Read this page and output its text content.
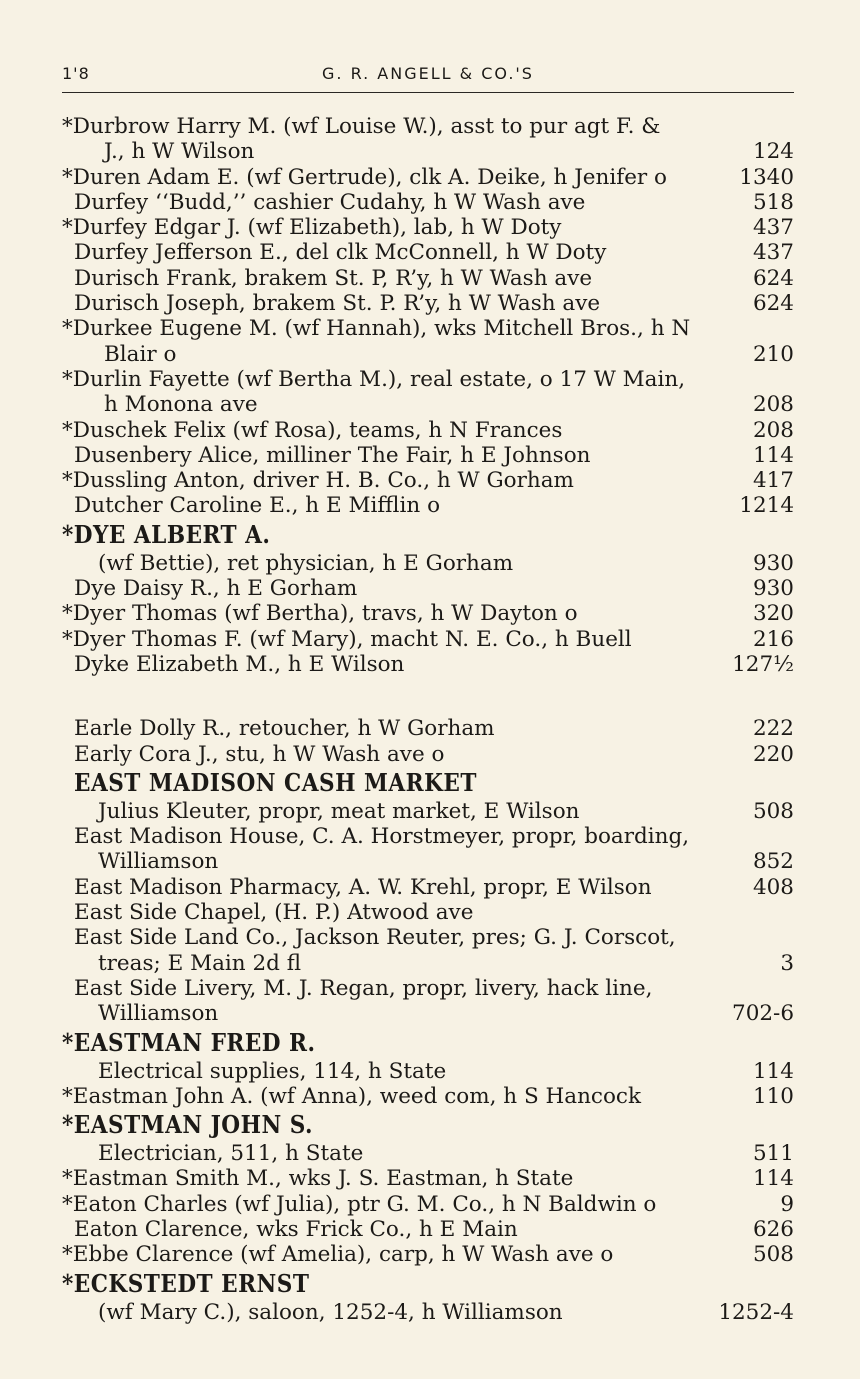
1'8	G. R. ANGELL & CO.'S
*Durbrow Harry M. (wf Louise W.), asst to pur agt F. &
J., h W Wilson	124
*Duren Adam E. (wf Gertrude), clk A. Deike, h Jenifer o	1340
Durfey ‘‘Budd,’’ cashier Cudahy, h W Wash ave	518
*Durfey Edgar J. (wf Elizabeth), lab, h W Doty	437
Durfey Jefferson E., del clk McConnell, h W Doty	437
Durisch Frank, brakem St. P, R’y, h W Wash ave	624
Durisch Joseph, brakem St. P. R’y, h W Wash ave	624
*Durkee Eugene M. (wf Hannah), wks Mitchell Bros., h N
Blair o	210
*Durlin Fayette (wf Bertha M.), real estate, o 17 W Main,
h Monona ave	208
*Duschek Felix (wf Rosa), teams, h N Frances	208
Dusenbery Alice, milliner The Fair, h E Johnson	114
*Dussling Anton, driver H. B. Co., h W Gorham	417
Dutcher Caroline E., h E Mifflin o	1214
*DYE ALBERT A.
(wf Bettie), ret physician, h E Gorham	930
Dye Daisy R., h E Gorham	930
*Dyer Thomas (wf Bertha), travs, h W Dayton o	320
*Dyer Thomas F. (wf Mary), macht N. E. Co., h Buell	216
Dyke Elizabeth M., h E Wilson	127½
Earle Dolly R., retoucher, h W Gorham	222
Early Cora J., stu, h W Wash ave o	220
EAST MADISON CASH MARKET
Julius Kleuter, propr, meat market, E Wilson	508
East Madison House, C. A. Horstmeyer, propr, boarding,
Williamson	852
East Madison Pharmacy, A. W. Krehl, propr, E Wilson	408
East Side Chapel, (H. P.) Atwood ave
East Side Land Co., Jackson Reuter, pres; G. J. Corscot,
treas; E Main 2d fl	3
East Side Livery, M. J. Regan, propr, livery, hack line,
Williamson	702-6
*EASTMAN FRED R.
Electrical supplies, 114, h State	114
*Eastman John A. (wf Anna), weed com, h S Hancock	110
*EASTMAN JOHN S.
Electrician, 511, h State	511
*Eastman Smith M., wks J. S. Eastman, h State	114
*Eaton Charles (wf Julia), ptr G. M. Co., h N Baldwin o	9
Eaton Clarence, wks Frick Co., h E Main	626
*Ebbe Clarence (wf Amelia), carp, h W Wash ave o	508
*ECKSTEDT ERNST
(wf Mary C.), saloon, 1252-4, h Williamson	1252-4
